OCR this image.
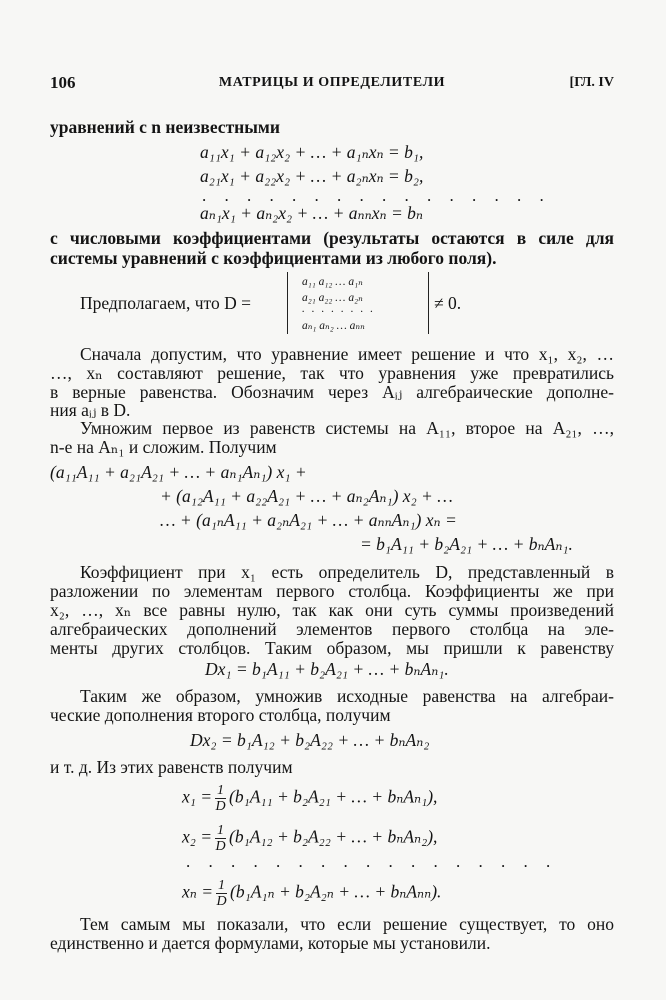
106	МАТРИЦЫ И ОПРЕДЕЛИТЕЛИ	[ГЛ. IV
уравнений с n неизвестными
a₁₁x₁ + a₁₂x₂ + … + a₁ₙxₙ = b₁,
a₂₁x₁ + a₂₂x₂ + … + a₂ₙxₙ = b₂,
. . . . . . . . . . . . . . . .
aₙ₁x₁ + aₙ₂x₂ + … + aₙₙxₙ = bₙ
с числовыми коэффициентами (результаты остаются в силе для
системы уравнений с коэффициентами из любого поля).
Предполагаем, что D =
a₁₁ a₁₂ … a₁ₙ
a₂₁ a₂₂ … a₂ₙ
. . . . . . . .
aₙ₁ aₙ₂ … aₙₙ
≠ 0.
Сначала допустим, что уравнение имеет решение и что x₁, x₂, …
…, xₙ составляют решение, так что уравнения уже превратились
в верные равенства. Обозначим через Aᵢⱼ алгебраические дополне-
ния aᵢⱼ в D.
Умножим первое из равенств системы на A₁₁, второе на A₂₁, …,
n-е на Aₙ₁ и сложим. Получим
(a₁₁A₁₁ + a₂₁A₂₁ + … + aₙ₁Aₙ₁) x₁ +
+ (a₁₂A₁₁ + a₂₂A₂₁ + … + aₙ₂Aₙ₁) x₂ + …
… + (a₁ₙA₁₁ + a₂ₙA₂₁ + … + aₙₙAₙ₁) xₙ =
= b₁A₁₁ + b₂A₂₁ + … + bₙAₙ₁.
Коэффициент при x₁ есть определитель D, представленный в
разложении по элементам первого столбца. Коэффициенты же при
x₂, …, xₙ все равны нулю, так как они суть суммы произведений
алгебраических дополнений элементов первого столбца на эле-
менты других столбцов. Таким образом, мы пришли к равенству
Dx₁ = b₁A₁₁ + b₂A₂₁ + … + bₙAₙ₁.
Таким же образом, умножив исходные равенства на алгебраи-
ческие дополнения второго столбца, получим
Dx₂ = b₁A₁₂ + b₂A₂₂ + … + bₙAₙ₂
и т. д. Из этих равенств получим
$x_1 = \frac{1}{D} (b_1A_{11} + b_2A_{21}$ + … + bₙAₙ₁),
$x_2 = \frac{1}{D} (b_1A_{12} + b_2A_{22}$ + … + bₙAₙ₂),
. . . . . . . . . . . . . . . . .
$x_n = \frac{1}{D} (b_1A_{1n} + b_2A_{2n}$ + … + bₙAₙₙ).
Тем самым мы показали, что если решение существует, то оно
единственно и дается формулами, которые мы установили.
